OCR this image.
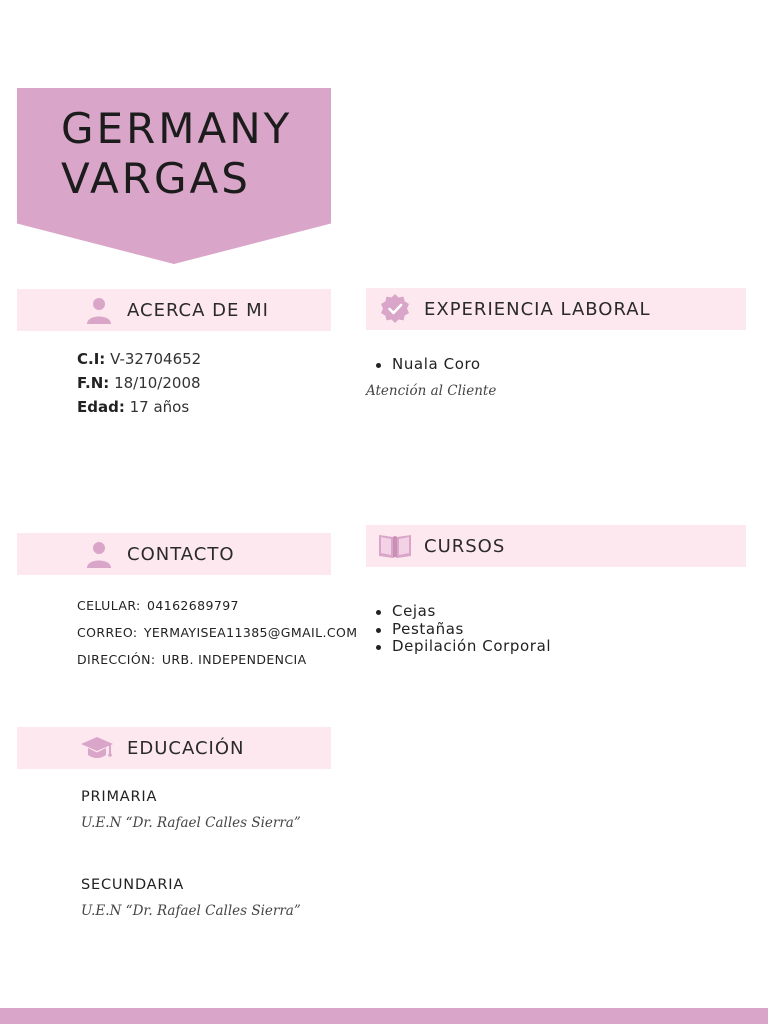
GERMANY
VARGAS
ACERCA DE MI
C.I: V-32704652
F.N: 18/10/2008
Edad: 17 años
EXPERIENCIA LABORAL
Nuala Coro
Atención al Cliente
CONTACTO
CELULAR: 04162689797
CORREO: YERMAYISEA11385@GMAIL.COM
DIRECCIÓN: URB. INDEPENDENCIA
CURSOS
Cejas
Pestañas
Depilación Corporal
EDUCACIÓN
PRIMARIA
U.E.N “Dr. Rafael Calles Sierra”
SECUNDARIA
U.E.N “Dr. Rafael Calles Sierra”
